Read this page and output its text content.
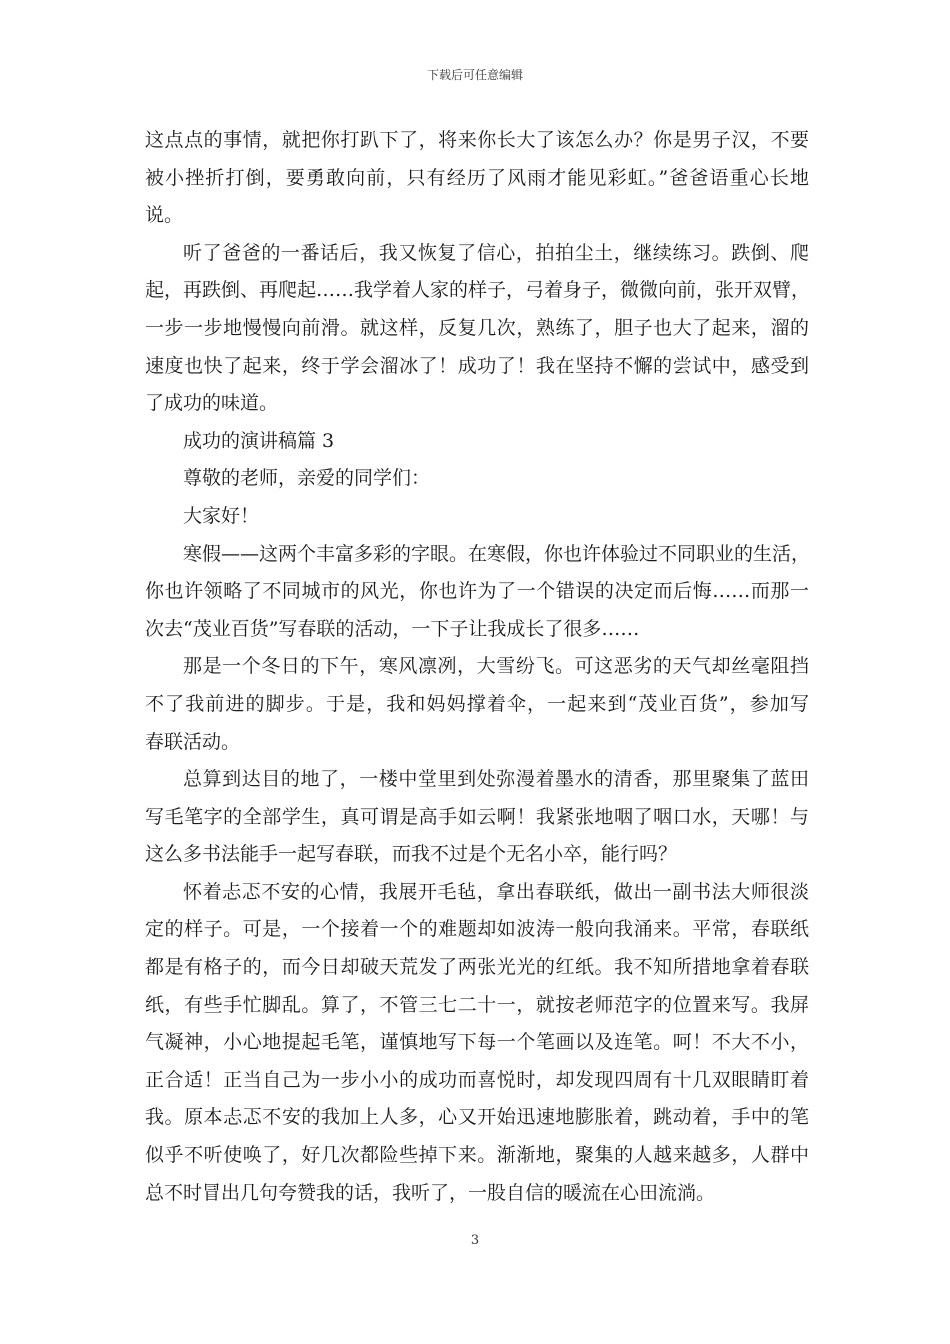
下载后可任意编辑

这点点的事情，就把你打趴下了，将来你长大了该怎么办？你是男子汉，不要

被小挫折打倒，要勇敢向前，只有经历了风雨才能见彩虹。”爸爸语重心长地

说。

听了爸爸的一番话后，我又恢复了信心，拍拍尘土，继续练习。跌倒、爬

起，再跌倒、再爬起……我学着人家的样子，弓着身子，微微向前，张开双臂，

一步一步地慢慢向前滑。就这样，反复几次，熟练了，胆子也大了起来，溜的

速度也快了起来，终于学会溜冰了！成功了！我在坚持不懈的尝试中，感受到

了成功的味道。

成功的演讲稿篇 3

尊敬的老师，亲爱的同学们：

大家好！

寒假——这两个丰富多彩的字眼。在寒假，你也许体验过不同职业的生活，

你也许领略了不同城市的风光，你也许为了一个错误的决定而后悔……而那一

次去“茂业百货”写春联的活动，一下子让我成长了很多……

那是一个冬日的下午，寒风凛冽，大雪纷飞。可这恶劣的天气却丝毫阻挡

不了我前进的脚步。于是，我和妈妈撑着伞，一起来到“茂业百货”，参加写

春联活动。

总算到达目的地了，一楼中堂里到处弥漫着墨水的清香，那里聚集了蓝田

写毛笔字的全部学生，真可谓是高手如云啊！我紧张地咽了咽口水，天哪！与

这么多书法能手一起写春联，而我不过是个无名小卒，能行吗？

怀着忐忑不安的心情，我展开毛毡，拿出春联纸，做出一副书法大师很淡

定的样子。可是，一个接着一个的难题却如波涛一般向我涌来。平常，春联纸

都是有格子的，而今日却破天荒发了两张光光的红纸。我不知所措地拿着春联

纸，有些手忙脚乱。算了，不管三七二十一，就按老师范字的位置来写。我屏

气凝神，小心地提起毛笔，谨慎地写下每一个笔画以及连笔。呵！不大不小，

正合适！正当自己为一步小小的成功而喜悦时，却发现四周有十几双眼睛盯着

我。原本忐忑不安的我加上人多，心又开始迅速地膨胀着，跳动着，手中的笔

似乎不听使唤了，好几次都险些掉下来。渐渐地，聚集的人越来越多，人群中

总不时冒出几句夸赞我的话，我听了，一股自信的暖流在心田流淌。

3
